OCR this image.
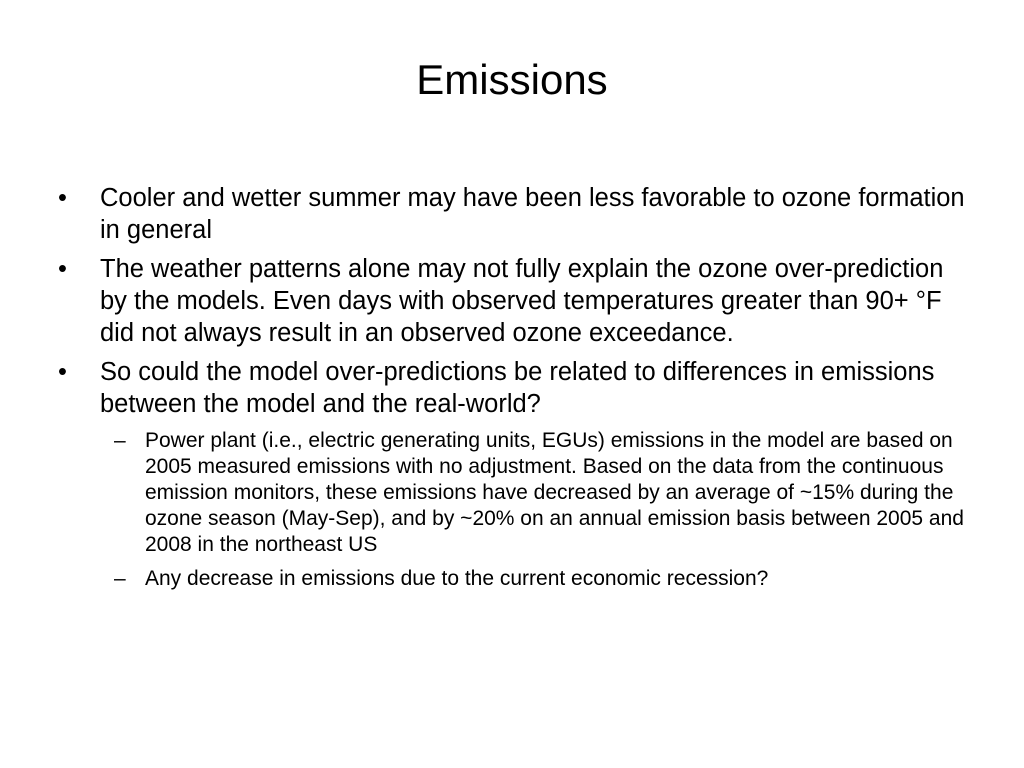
Emissions
•	Cooler and wetter summer may have been less favorable to ozone formation in general
•	The weather patterns alone may not fully explain the ozone over-prediction by the models. Even days with observed temperatures greater than 90+ °F did not always result in an observed ozone exceedance.
•	So could the model over-predictions be related to differences in emissions between the model and the real-world?
– Power plant (i.e., electric generating units, EGUs) emissions in the model are based on 2005 measured emissions with no adjustment. Based on the data from the continuous emission monitors, these emissions have decreased by an average of ~15% during the ozone season (May-Sep), and by ~20% on an annual emission basis between 2005 and 2008 in the northeast US
– Any decrease in emissions due to the current economic recession?
